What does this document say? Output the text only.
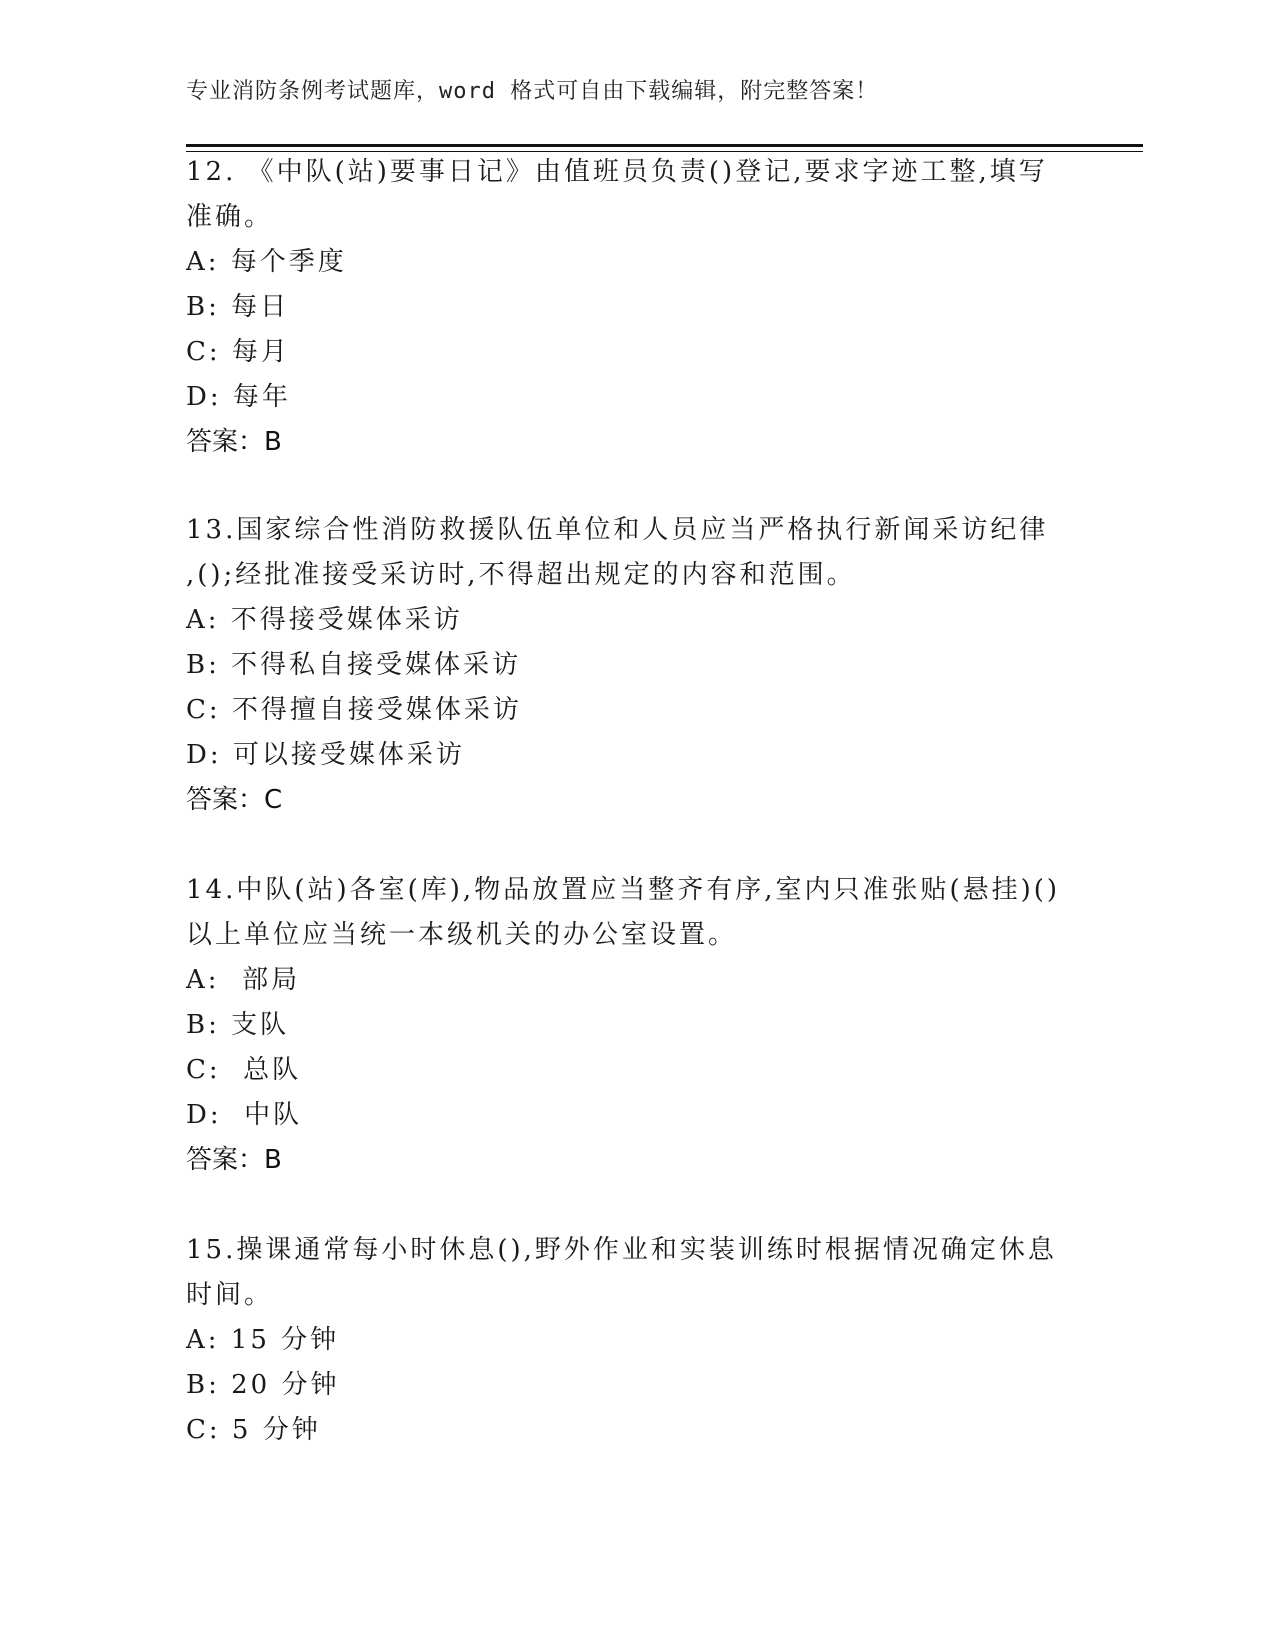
专业消防条例考试题库，word 格式可自由下载编辑，附完整答案！
12. 《中队(站)要事日记》由值班员负责()登记,要求字迹工整,填写
准确。
A: 每个季度
B: 每日
C: 每月
D: 每年
答案：B
13.国家综合性消防救援队伍单位和人员应当严格执行新闻采访纪律
,();经批准接受采访时,不得超出规定的内容和范围。
A: 不得接受媒体采访
B: 不得私自接受媒体采访
C: 不得擅自接受媒体采访
D: 可以接受媒体采访
答案：C
14.中队(站)各室(库),物品放置应当整齐有序,室内只准张贴(悬挂)()
以上单位应当统一本级机关的办公室设置。
A:  部局
B: 支队
C:  总队
D:  中队
答案：B
15.操课通常每小时休息(),野外作业和实装训练时根据情况确定休息
时间。
A: 15 分钟
B: 20 分钟
C: 5 分钟
